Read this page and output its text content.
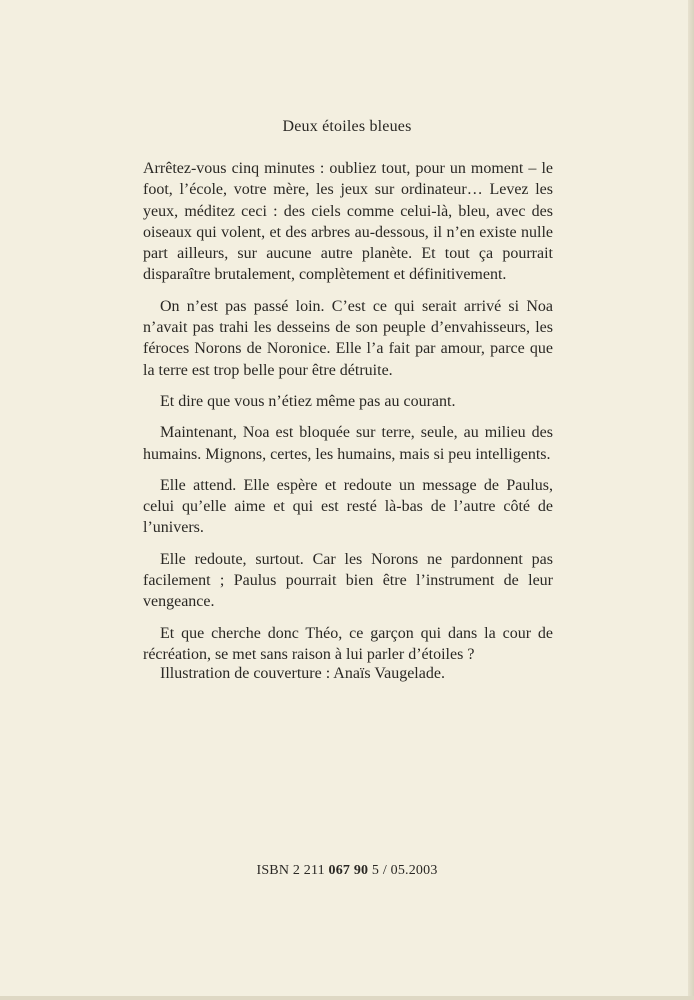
Deux étoiles bleues

Arrêtez-vous cinq minutes : oubliez tout, pour un moment – le foot, l’école, votre mère, les jeux sur ordinateur… Levez les yeux, méditez ceci : des ciels comme celui-là, bleu, avec des oiseaux qui volent, et des arbres au-dessous, il n’en existe nulle part ailleurs, sur aucune autre planète. Et tout ça pourrait disparaître brutalement, complètement et définitivement.

On n’est pas passé loin. C’est ce qui serait arrivé si Noa n’avait pas trahi les desseins de son peuple d’envahisseurs, les féroces Norons de Noronice. Elle l’a fait par amour, parce que la terre est trop belle pour être détruite.

Et dire que vous n’étiez même pas au courant.

Maintenant, Noa est bloquée sur terre, seule, au milieu des humains. Mignons, certes, les humains, mais si peu intelligents.

Elle attend. Elle espère et redoute un message de Paulus, celui qu’elle aime et qui est resté là-bas de l’autre côté de l’univers.

Elle redoute, surtout. Car les Norons ne pardonnent pas facilement ; Paulus pourrait bien être l’instrument de leur vengeance.

Et que cherche donc Théo, ce garçon qui dans la cour de récréation, se met sans raison à lui parler d’étoiles ?

Illustration de couverture : Anaïs Vaugelade.
ISBN 2 211 067 90 5 / 05.2003
